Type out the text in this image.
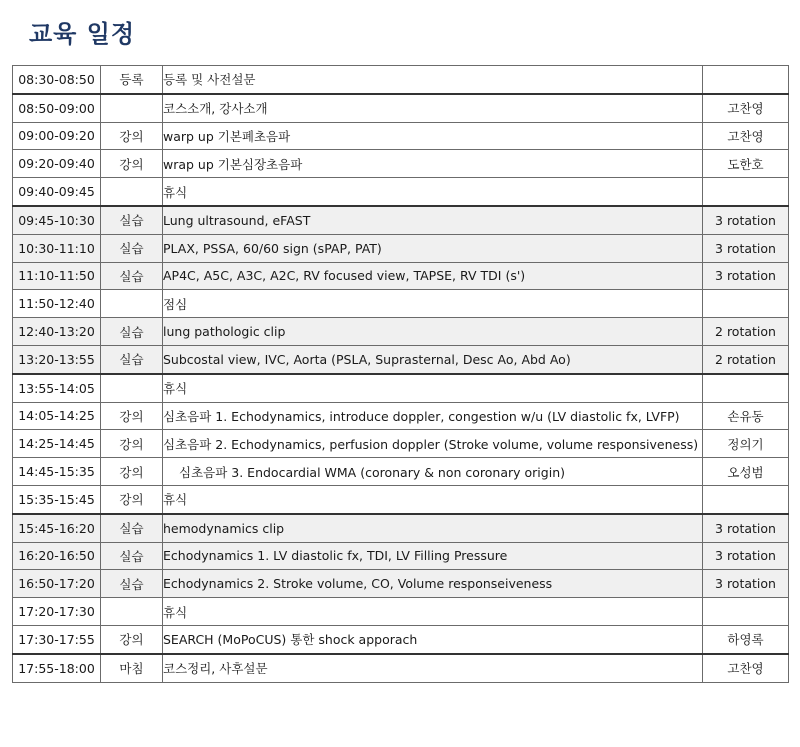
교육 일정
08:30-08:50	등록	등록 및 사전설문	
08:50-09:00		코스소개, 강사소개	고찬영
09:00-09:20	강의	warp up 기본폐초음파	고찬영
09:20-09:40	강의	wrap up 기본심장초음파	도한호
09:40-09:45		휴식	
09:45-10:30	실습	Lung ultrasound, eFAST	3 rotation
10:30-11:10	실습	PLAX, PSSA, 60/60 sign (sPAP, PAT)	3 rotation
11:10-11:50	실습	AP4C, A5C, A3C, A2C, RV focused view, TAPSE, RV TDI (s')	3 rotation
11:50-12:40		점심	
12:40-13:20	실습	lung pathologic clip	2 rotation
13:20-13:55	실습	Subcostal view, IVC, Aorta (PSLA, Suprasternal, Desc Ao, Abd Ao)	2 rotation
13:55-14:05		휴식	
14:05-14:25	강의	심초음파 1. Echodynamics, introduce doppler, congestion w/u (LV diastolic fx, LVFP)	손유동
14:25-14:45	강의	심초음파 2. Echodynamics, perfusion doppler (Stroke volume, volume responsiveness)	정의기
14:45-15:35	강의	심초음파 3. Endocardial WMA (coronary & non coronary origin)	오성범
15:35-15:45	강의	휴식	
15:45-16:20	실습	hemodynamics clip	3 rotation
16:20-16:50	실습	Echodynamics 1. LV diastolic fx, TDI, LV Filling Pressure	3 rotation
16:50-17:20	실습	Echodynamics 2. Stroke volume, CO, Volume responseiveness	3 rotation
17:20-17:30		휴식	
17:30-17:55	강의	SEARCH (MoPoCUS) 통한 shock apporach	하영록
17:55-18:00	마침	코스정리, 사후설문	고찬영
